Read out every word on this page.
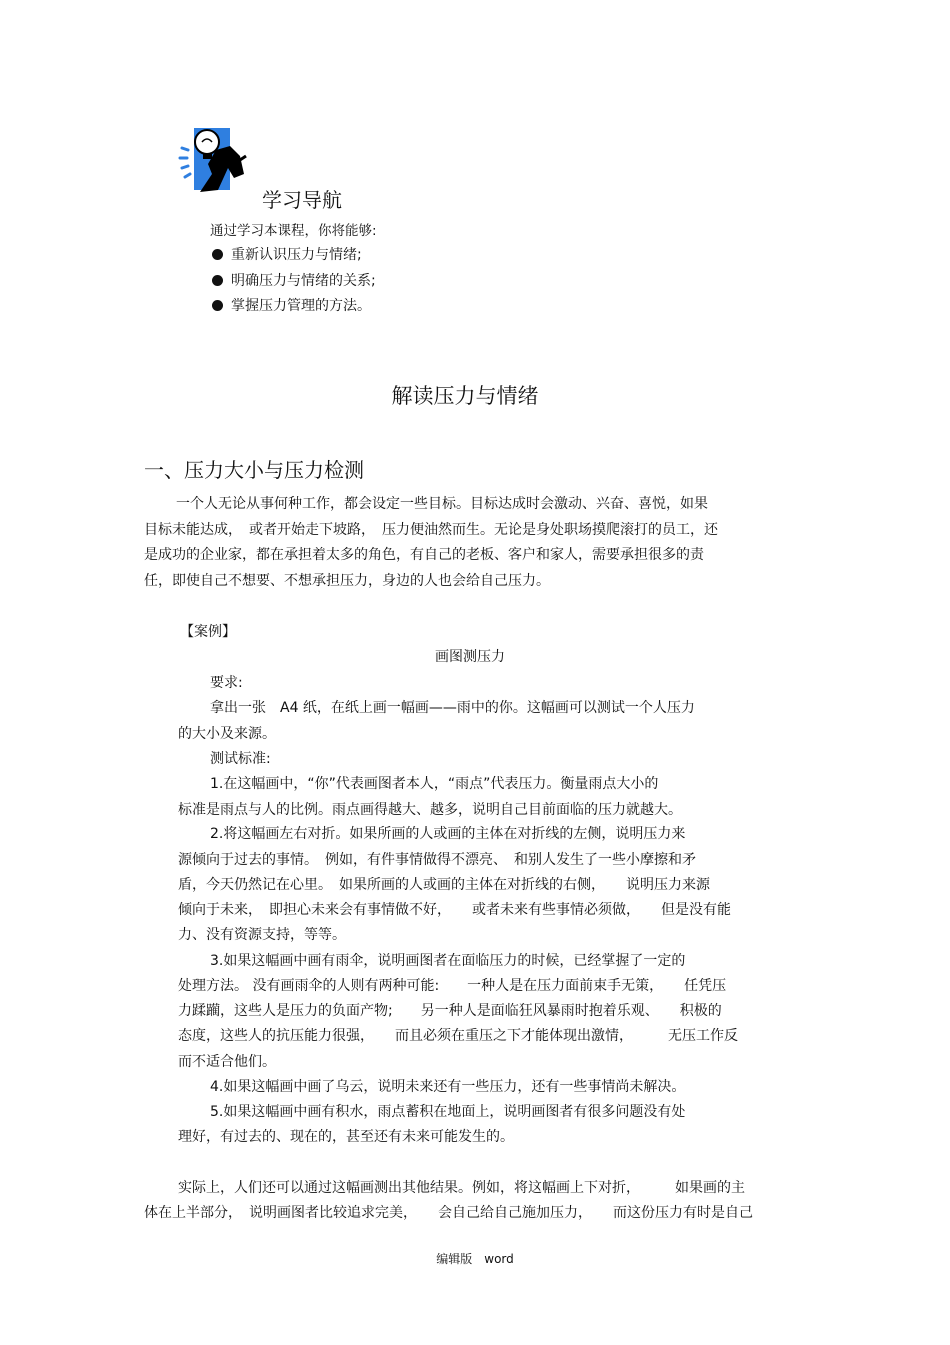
学习导航
通过学习本课程，你将能够:
重新认识压力与情绪;
明确压力与情绪的关系;
掌握压力管理的方法。
解读压力与情绪
一、压力大小与压力检测
一个人无论从事何种工作，都会设定一些目标。目标达成时会激动、兴奋、喜悦，如果
目标未能达成，　或者开始走下坡路，　压力便油然而生。无论是身处职场摸爬滚打的员工，还
是成功的企业家，都在承担着太多的角色，有自己的老板、客户和家人，需要承担很多的责
任，即使自己不想要、不想承担压力，身边的人也会给自己压力。
【案例】
画图测压力
要求:
拿出一张　A4 纸，在纸上画一幅画——雨中的你。这幅画可以测试一个人压力
的大小及来源。
测试标准:
1.在这幅画中，“你”代表画图者本人，“雨点”代表压力。衡量雨点大小的
标准是雨点与人的比例。雨点画得越大、越多，说明自己目前面临的压力就越大。
2.将这幅画左右对折。如果所画的人或画的主体在对折线的左侧，说明压力来
源倾向于过去的事情。　例如，有件事情做得不漂亮、　和别人发生了一些小摩擦和矛
盾，今天仍然记在心里。　如果所画的人或画的主体在对折线的右侧，　　说明压力来源
倾向于未来，　即担心未来会有事情做不好，　　或者未来有些事情必须做，　　但是没有能
力、没有资源支持，等等。
3.如果这幅画中画有雨伞，说明画图者在面临压力的时候，已经掌握了一定的
处理方法。 没有画雨伞的人则有两种可能:　　一种人是在压力面前束手无策，　　任凭压
力蹂躏，这些人是压力的负面产物;　　另一种人是面临狂风暴雨时抱着乐观、　　积极的
态度，这些人的抗压能力很强，　　而且必须在重压之下才能体现出激情，　　　无压工作反
而不适合他们。
4.如果这幅画中画了乌云，说明未来还有一些压力，还有一些事情尚未解决。
5.如果这幅画中画有积水，雨点蓄积在地面上，说明画图者有很多问题没有处
理好，有过去的、现在的，甚至还有未来可能发生的。
实际上，人们还可以通过这幅画测出其他结果。例如，将这幅画上下对折，　　　如果画的主
体在上半部分，　说明画图者比较追求完美，　　会自己给自己施加压力，　　而这份压力有时是自己
编辑版　word
